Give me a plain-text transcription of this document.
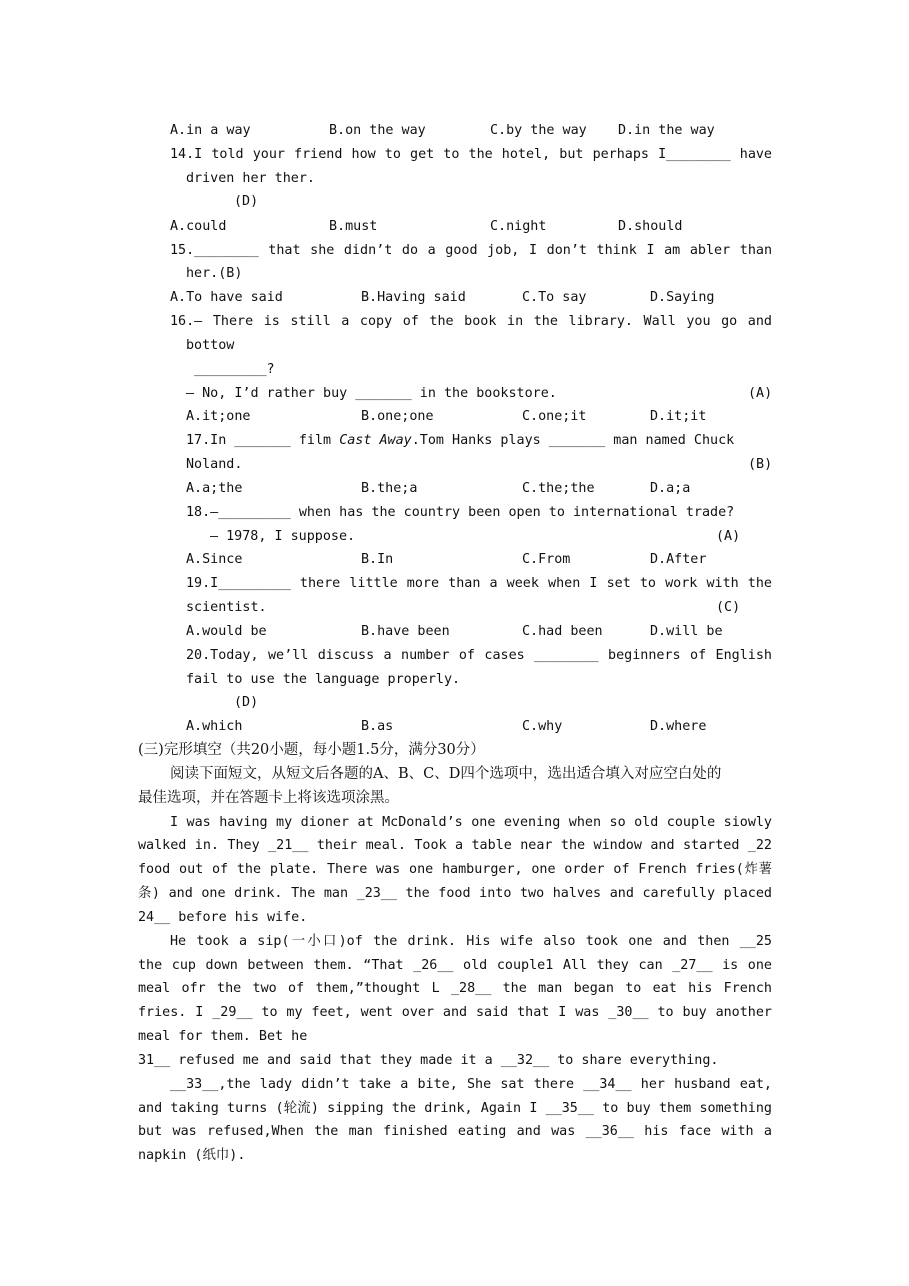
A.in a way	B.on the way	C.by the way D.in the way
14.I told your friend how to get to the hotel, but perhaps I________ have
driven her ther.
(D)
A.could	B.must	C.night	D.should
15.________ that she didn’t do a good job, I don’t think I am abler than
her.(B)
A.To have said	B.Having said	C.To say	D.Saying
16.– There is still a copy of the book in the library. Wall you go and
bottow
_________?
– No, I’d rather buy _______ in the bookstore.	(A)
A.it;one	B.one;one	C.one;it	D.it;it
17.In _______ film Cast Away.Tom Hanks plays _______ man named Chuck
Noland.	(B)
A.a;the	B.the;a	C.the;the	D.a;a
18.–_________ when has the country been open to international trade?
– 1978, I suppose.	(A)
A.Since	B.In	C.From	D.After
19.I_________ there little more than a week when I set to work with the
scientist.	(C)
A.would be	B.have been	C.had been	D.will be
20.Today, we’ll discuss a number of cases ________ beginners of English
fail to use the language properly.
(D)
A.which	B.as	C.why	D.where
(三)完形填空（共20小题，每小题1.5分，满分30分）
阅读下面短文，从短文后各题的A、B、C、D四个选项中，选出适合填入对应空白处的
最佳选项，并在答题卡上将该选项涂黑。
I was having my dioner at McDonald’s one evening when so old couple siowly
walked in. They _21__ their meal. Took a table near the window and started _22
food out of the plate. There was one hamburger, one order of French fries(炸薯
条) and one drink. The man _23__ the food into two halves and carefully placed
24__ before his wife.
He took a sip(一小口)of the drink. His wife also took one and then __25
the cup down between them. “That _26__ old couple1 All they can _27__ is one
meal ofr the two of them,”thought L _28__ the man began to eat his French
fries. I _29__ to my feet, went over and said that I was _30__ to buy another
meal for them. Bet he
31__ refused me and said that they made it a __32__ to share everything.
__33__,the lady didn’t take a bite, She sat there __34__ her husband eat,
and taking turns (轮流) sipping the drink, Again I __35__ to buy them something
but was refused,When the man finished eating and was __36__ his face with a
napkin (纸巾).
